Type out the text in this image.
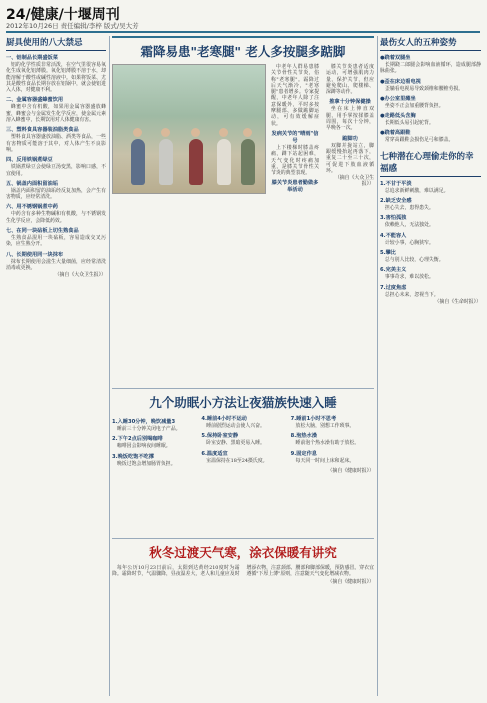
24/健康/十堰周刊
2012年10月26日 责任编辑/李梓 版式/吴大芳
厨具使用的八大禁忌
一、铝制品长期盛饭菜

铝的化学性质非常活泼，在空气里很容易氧化生成氧化铝薄膜。氧化铝薄膜不溶于水，却能溶解于酸性或碱性溶液中。如果将饭菜、尤其是酸性食品长期存放在铝锅中，就会使铝进入人体，对健康不利。

二、金属容器盛蜂蜜饮用

蜂蜜中含有机酸，如果用金属容器盛放蜂蜜，蜂蜜会与金属发生化学反应，使金属元素溶入蜂蜜中，长期饮用对人体健康有害。

三、塑料食具容器装油脂类食品

塑料食具容器盛放油脂、酒类等食品，一些有害物质可能溶于其中，对人体产生不良影响。

四、反用铁锅煮绿豆

铁锅煮绿豆会使绿豆汤变黑，影响口感，不宜使用。

五、锅盖内面积留油垢

锅盖内面积留的油垢经反复加热，会产生有害物质，应经常清洗。

六、用不锈钢锅煮中药

中药含有多种生物碱和有机酸，与不锈钢发生化学反应，会降低药效。

七、在同一块砧板上切生熟食品

生熟食品混用一块砧板，容易造成交叉污染，应生熟分开。

八、长期使用同一块抹布

抹布长期使用会滋生大量细菌，应经常清洗消毒或更换。

（摘自《大众卫生报》）
霜降易患"老寒腿" 老人多按腿多踮脚

中老年人群易患膝关节骨性关节炎，俗称"老寒腿"。霜降过后天气渐冷，"老寒腿"患者增多。专家提醒，中老年人除了注意保暖外，平时多按摩腿部、多做踮脚运动，可有效缓解症状。

发病关节的"晴雨"信号

上下楼梯时膝盖疼痛，蹲下站起困难，天气变化时疼痛加重，是膝关节骨性关节炎的典型表现。

膝关节炎患者勤做多举活动

膝关节炎患者适度运动，可增强肌肉力量，保护关节，但应避免爬山、爬楼梯、深蹲等动作。

推拿十分钟保健操

坐在床上伸直双腿，用手掌按揉膝盖周围，每次十分钟，早晚各一次。

踮脚功

双脚并拢站立，脚跟缓慢抬起再落下，重复二十至三十次，可促进下肢血液循环。

（摘自《大众卫生报》）
九个助眠小方法让夜猫族快速入睡
1.入睡30分钟，晚饮减量3

睡前三十分钟关闭电子产品。

2.下午2点后别喝咖啡

咖啡因会影响夜间睡眠。

3.晚饭吃饱不吃撑

晚饭过饱会增加肠胃负担。

4.睡前4小时不运动

睡前剧烈运动会使人兴奋。

5.保持卧室安静

卧室安静、黑暗更易入睡。

6.温度适宜

室温保持在18至24摄氏度。

7.睡前1小时不思考

放松大脑，别想工作琐事。

8.泡热水澡

睡前泡个热水澡有助于放松。

9.固定作息

每天同一时间上床和起床。

（摘自《健康时报》）
秋冬过渡天气寒，涂衣保暖有讲究

每年公历10月23日前后，太阳到达黄经210度时为霜降。霜降时节，气温骤降，昼夜温差大，老人和儿童应及时增添衣物，注意颈部、腰部和脚部保暖，预防感冒。穿衣宜遵循"下厚上薄"原则，注意随天气变化增减衣物。

（摘自《健康时报》）
最伤女人的五种姿势
●跷着双腿坐

长期跷二郎腿会影响血液循环，造成腿部静脉曲张。

●歪在床边看电视

歪躺看电视易导致颈椎和腰椎劳损。

●办公室里瘫坐

坐姿不正会加重腰背负担。

●走路低头含胸

长期低头易引起驼背。

●跷着高跟鞋

常穿高跟鞋会损伤足弓和膝盖。

七种潜在心理偷走你的幸福感
1.不甘于平淡

总追求新鲜刺激，难以满足。

2.缺乏安全感

担心失去，患得患失。

3.害怕孤独

依赖他人，无法独处。

4.不能容人

计较小事，心胸狭窄。

5.攀比

总与别人比较，心理失衡。

6.完美主义

事事苛求，难以放松。

7.过度焦虑

总担心未来，忽视当下。

（摘自《生命时报》）
